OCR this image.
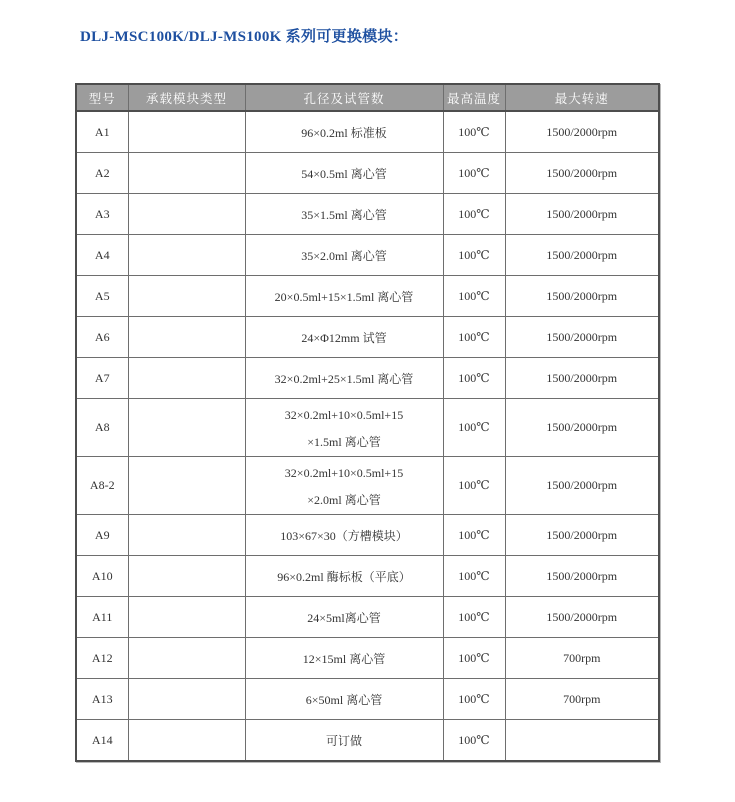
DLJ-MSC100K/DLJ-MS100K 系列可更换模块：
型号	承载模块类型	孔径及试管数	最高温度	最大转速
A1		96×0.2ml 标准板	100℃	1500/2000rpm
A2		54×0.5ml 离心管	100℃	1500/2000rpm
A3		35×1.5ml 离心管	100℃	1500/2000rpm
A4		35×2.0ml 离心管	100℃	1500/2000rpm
A5		20×0.5ml+15×1.5ml 离心管	100℃	1500/2000rpm
A6		24×Φ12mm 试管	100℃	1500/2000rpm
A7		32×0.2ml+25×1.5ml 离心管	100℃	1500/2000rpm
A8		32×0.2ml+10×0.5ml+15
×1.5ml 离心管	100℃	1500/2000rpm
A8-2		32×0.2ml+10×0.5ml+15
×2.0ml 离心管	100℃	1500/2000rpm
A9		103×67×30（方槽模块）	100℃	1500/2000rpm
A10		96×0.2ml 酶标板（平底）	100℃	1500/2000rpm
A11		24×5ml离心管	100℃	1500/2000rpm
A12		12×15ml 离心管	100℃	700rpm
A13		6×50ml 离心管	100℃	700rpm
A14		可订做	100℃	
